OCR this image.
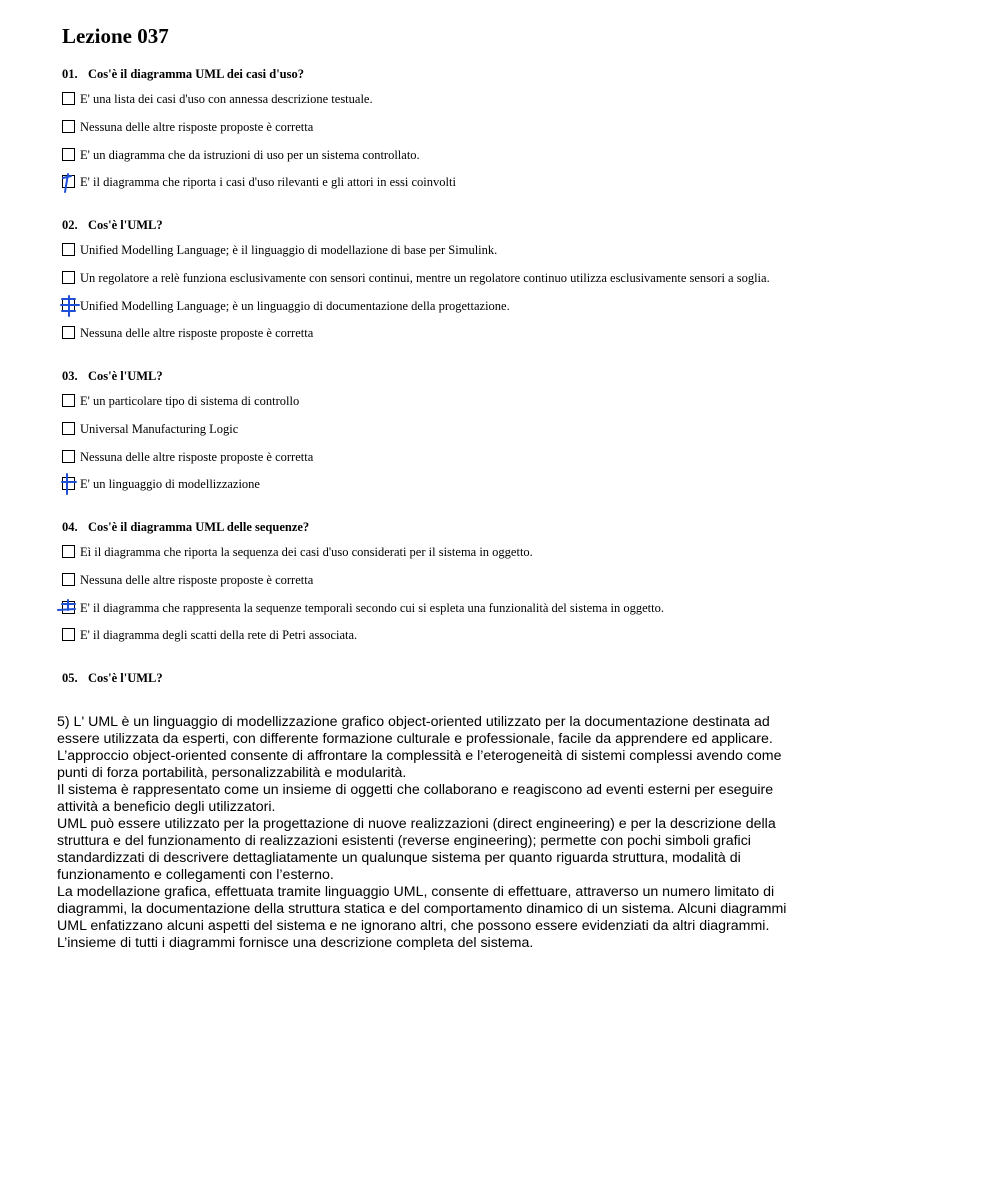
Lezione 037
01. Cos'è il diagramma UML dei casi d'uso?
E' una lista dei casi d'uso con annessa descrizione testuale.
Nessuna delle altre risposte proposte è corretta
E' un diagramma che da istruzioni di uso per un sistema controllato.
E' il diagramma che riporta i casi d'uso rilevanti e gli attori in essi coinvolti
02. Cos'è l'UML?
Unified Modelling Language; è il linguaggio di modellazione di base per Simulink.
Un regolatore a relè funziona esclusivamente con sensori continui, mentre un regolatore continuo utilizza esclusivamente sensori a soglia.
Unified Modelling Language; è un linguaggio di documentazione della progettazione.
Nessuna delle altre risposte proposte è corretta
03. Cos'è l'UML?
E' un particolare tipo di sistema di controllo
Universal Manufacturing Logic
Nessuna delle altre risposte proposte è corretta
E' un linguaggio di modellizzazione
04. Cos'è il diagramma UML delle sequenze?
Eì il diagramma che riporta la sequenza dei casi d'uso considerati per il sistema in oggetto.
Nessuna delle altre risposte proposte è corretta
E' il diagramma che rappresenta la sequenze temporali secondo cui si espleta una funzionalità del sistema in oggetto.
E' il diagramma degli scatti della rete di Petri associata.
05. Cos'è l'UML?

5) L' UML è un linguaggio di modellizzazione grafico object-oriented utilizzato per la documentazione destinata ad essere utilizzata da esperti, con differente formazione culturale e professionale, facile da apprendere ed applicare.

L’approccio object-oriented consente di affrontare la complessità e l’eterogeneità di sistemi complessi avendo come punti di forza portabilità, personalizzabilità e modularità.

Il sistema è rappresentato come un insieme di oggetti che collaborano e reagiscono ad eventi esterni per eseguire attività a beneficio degli utilizzatori.

UML può essere utilizzato per la progettazione di nuove realizzazioni (direct engineering) e per la descrizione della struttura e del funzionamento di realizzazioni esistenti (reverse engineering); permette con pochi simboli grafici standardizzati di descrivere dettagliatamente un qualunque sistema per quanto riguarda struttura, modalità di funzionamento e collegamenti con l’esterno.

La modellazione grafica, effettuata tramite linguaggio UML, consente di effettuare, attraverso un numero limitato di diagrammi, la documentazione della struttura statica e del comportamento dinamico di un sistema. Alcuni diagrammi UML enfatizzano alcuni aspetti del sistema e ne ignorano altri, che possono essere evidenziati da altri diagrammi. L’insieme di tutti i diagrammi fornisce una descrizione completa del sistema.
